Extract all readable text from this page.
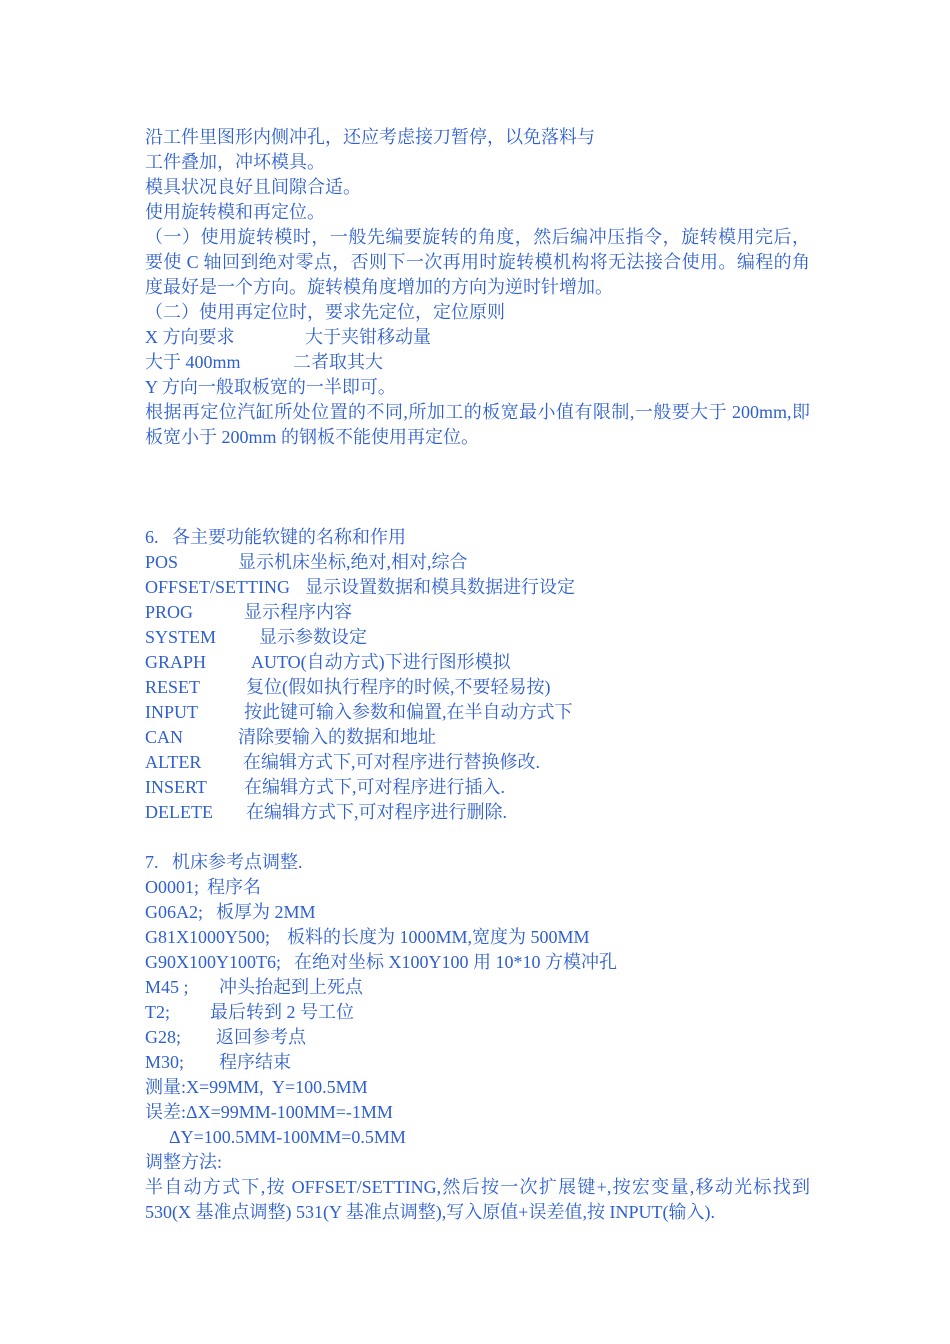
沿工件里图形内侧冲孔，还应考虑接刀暂停，以免落料与

工件叠加，冲坏模具。

模具状况良好且间隙合适。

使用旋转模和再定位。

（一）使用旋转模时，一般先编要旋转的角度，然后编冲压指令，旋转模用完后，要使 C 轴回到绝对零点，否则下一次再用时旋转模机构将无法接合使用。编程的角度最好是一个方向。旋转模角度增加的方向为逆时针增加。

（二）使用再定位时，要求先定位，定位原则

X 方向要求	大于夹钳移动量
大于 400mm	二者取其大

Y 方向一般取板宽的一半即可。

根据再定位汽缸所处位置的不同,所加工的板宽最小值有限制,一般要大于 200mm,即板宽小于 200mm 的钢板不能使用再定位。

6.   各主要功能软键的名称和作用

POS	显示机床坐标,绝对,相对,综合
OFFSET/SETTING 显示设置数据和模具数据进行设定
PROG	显示程序内容
SYSTEM	显示参数设定
GRAPH	AUTO(自动方式)下进行图形模拟
RESET	复位(假如执行程序的时候,不要轻易按)
INPUT	按此键可输入参数和偏置,在半自动方式下
CAN	清除要输入的数据和地址
ALTER	在编辑方式下,可对程序进行替换修改.
INSERT	在编辑方式下,可对程序进行插入.
DELETE	在编辑方式下,可对程序进行删除.

7.   机床参考点调整.

O0001; 程序名
G06A2; 板厚为 2MM
G81X1000Y500; 板料的长度为 1000MM,宽度为 500MM
G90X100Y100T6; 在绝对坐标 X100Y100 用 10*10 方模冲孔
M45 ;	冲头抬起到上死点
T2;	最后转到 2 号工位
G28;	返回参考点
M30;	程序结束

测量:X=99MM,  Y=100.5MM

误差:ΔX=99MM-100MM=-1MM

ΔY=100.5MM-100MM=0.5MM

调整方法:

半自动方式下,按 OFFSET/SETTING,然后按一次扩展键+,按宏变量,移动光标找到 530(X 基准点调整) 531(Y 基准点调整),写入原值+误差值,按 INPUT(输入).
